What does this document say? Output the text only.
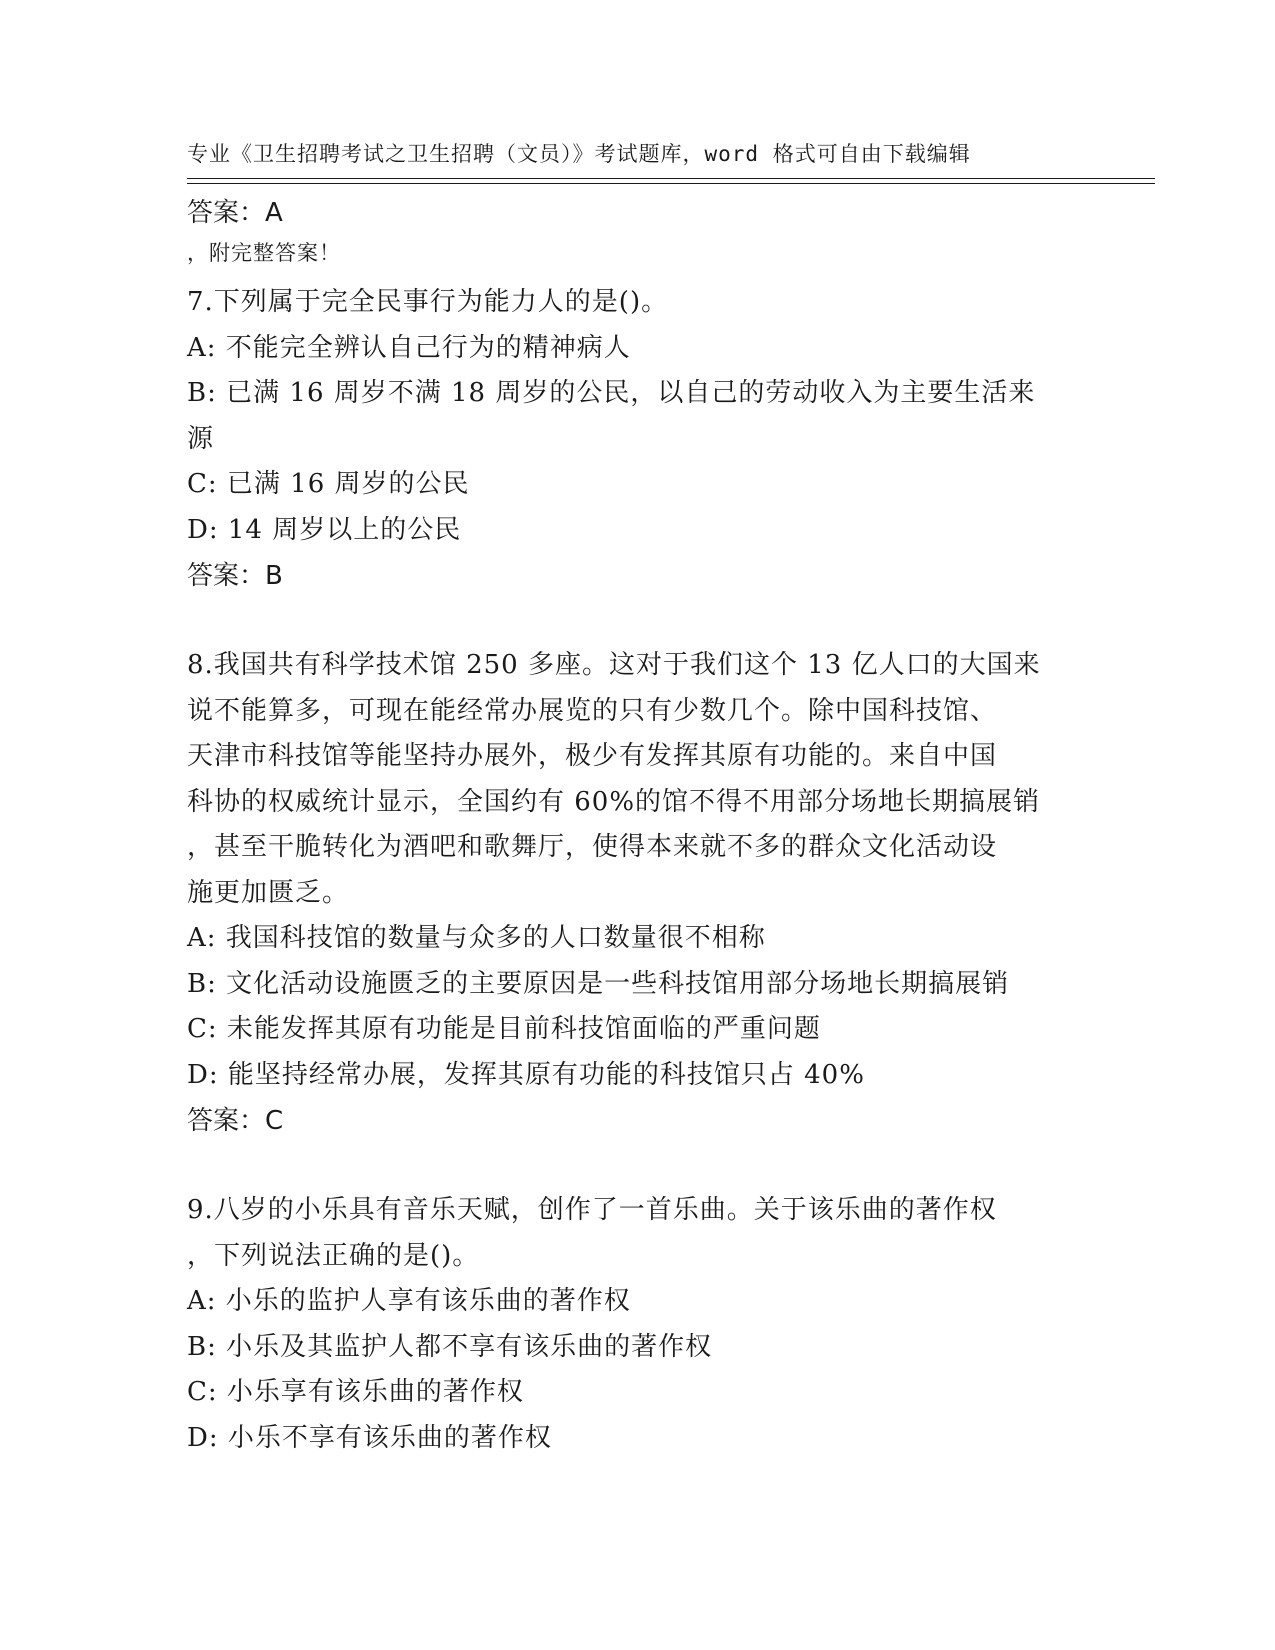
专业《卫生招聘考试之卫生招聘（文员）》考试题库，word 格式可自由下载编辑

，附完整答案！

答案：A
7.下列属于完全民事行为能力人的是()。
A: 不能完全辨认自己行为的精神病人
B: 已满 16 周岁不满 18 周岁的公民，以自己的劳动收入为主要生活来
源
C: 已满 16 周岁的公民
D: 14 周岁以上的公民
答案：B
8.我国共有科学技术馆 250 多座。这对于我们这个 13 亿人口的大国来
说不能算多，可现在能经常办展览的只有少数几个。除中国科技馆、
天津市科技馆等能坚持办展外，极少有发挥其原有功能的。来自中国
科协的权威统计显示，全国约有 60%的馆不得不用部分场地长期搞展销
，甚至干脆转化为酒吧和歌舞厅，使得本来就不多的群众文化活动设
施更加匮乏。
A: 我国科技馆的数量与众多的人口数量很不相称
B: 文化活动设施匮乏的主要原因是一些科技馆用部分场地长期搞展销
C: 未能发挥其原有功能是目前科技馆面临的严重问题
D: 能坚持经常办展，发挥其原有功能的科技馆只占 40%
答案：C
9.八岁的小乐具有音乐天赋，创作了一首乐曲。关于该乐曲的著作权
，下列说法正确的是()。
A: 小乐的监护人享有该乐曲的著作权
B: 小乐及其监护人都不享有该乐曲的著作权
C: 小乐享有该乐曲的著作权
D: 小乐不享有该乐曲的著作权
